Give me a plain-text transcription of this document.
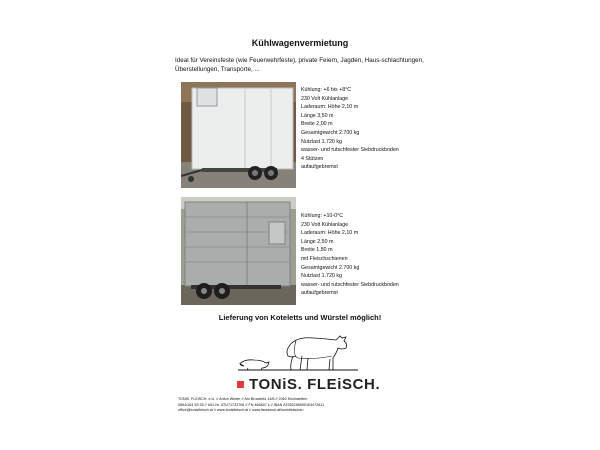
Kühlwagenvermietung
Ideal für Vereinsfeste (wie Feuerwehrfeste), private Feiern, Jagden, Haus-schlachtungen, Überstellungen, Transporte, ...
Kühlung: +6 bis +8°C
230 Volt Kühlanlage
Laderaum: Höhe 2,10 m
Länge 3,50 m
Breite 2,00 m
Gesamtgewicht 2.700 kg
Nutzlast 1.720 kg
wasser- und rutschfester Siebdruckboden
4 Stützen
aufaufgebremst
Kühlung: +10-0°C
230 Volt Kühlanlage
Laderaum: Höhe 2,10 m
Länge 2,50 m
Breite 1,80 m
mit Fleischschienen
Gesamtgewicht 2.700 kg
Nutzlast 1.720 kg
wasser- und rutschfester Siebdruckboden
aufaufgebremst
Lieferung von Koteletts und Würstel möglich!
TONiS. FLEiSCH.
TONiS. FLEiSCH. e.U. // Anton Winter // Am Bruckfeld 14/8 // 2062 Kirchstetten
0664/164 55 35 // UID-Nr. ATU71733706 // FN 466847 z // IBAN AT553258500104472611
office@tonisfleisch.at // www.tonisfleisch.at // www.facebook.at/tonisfleischeu
